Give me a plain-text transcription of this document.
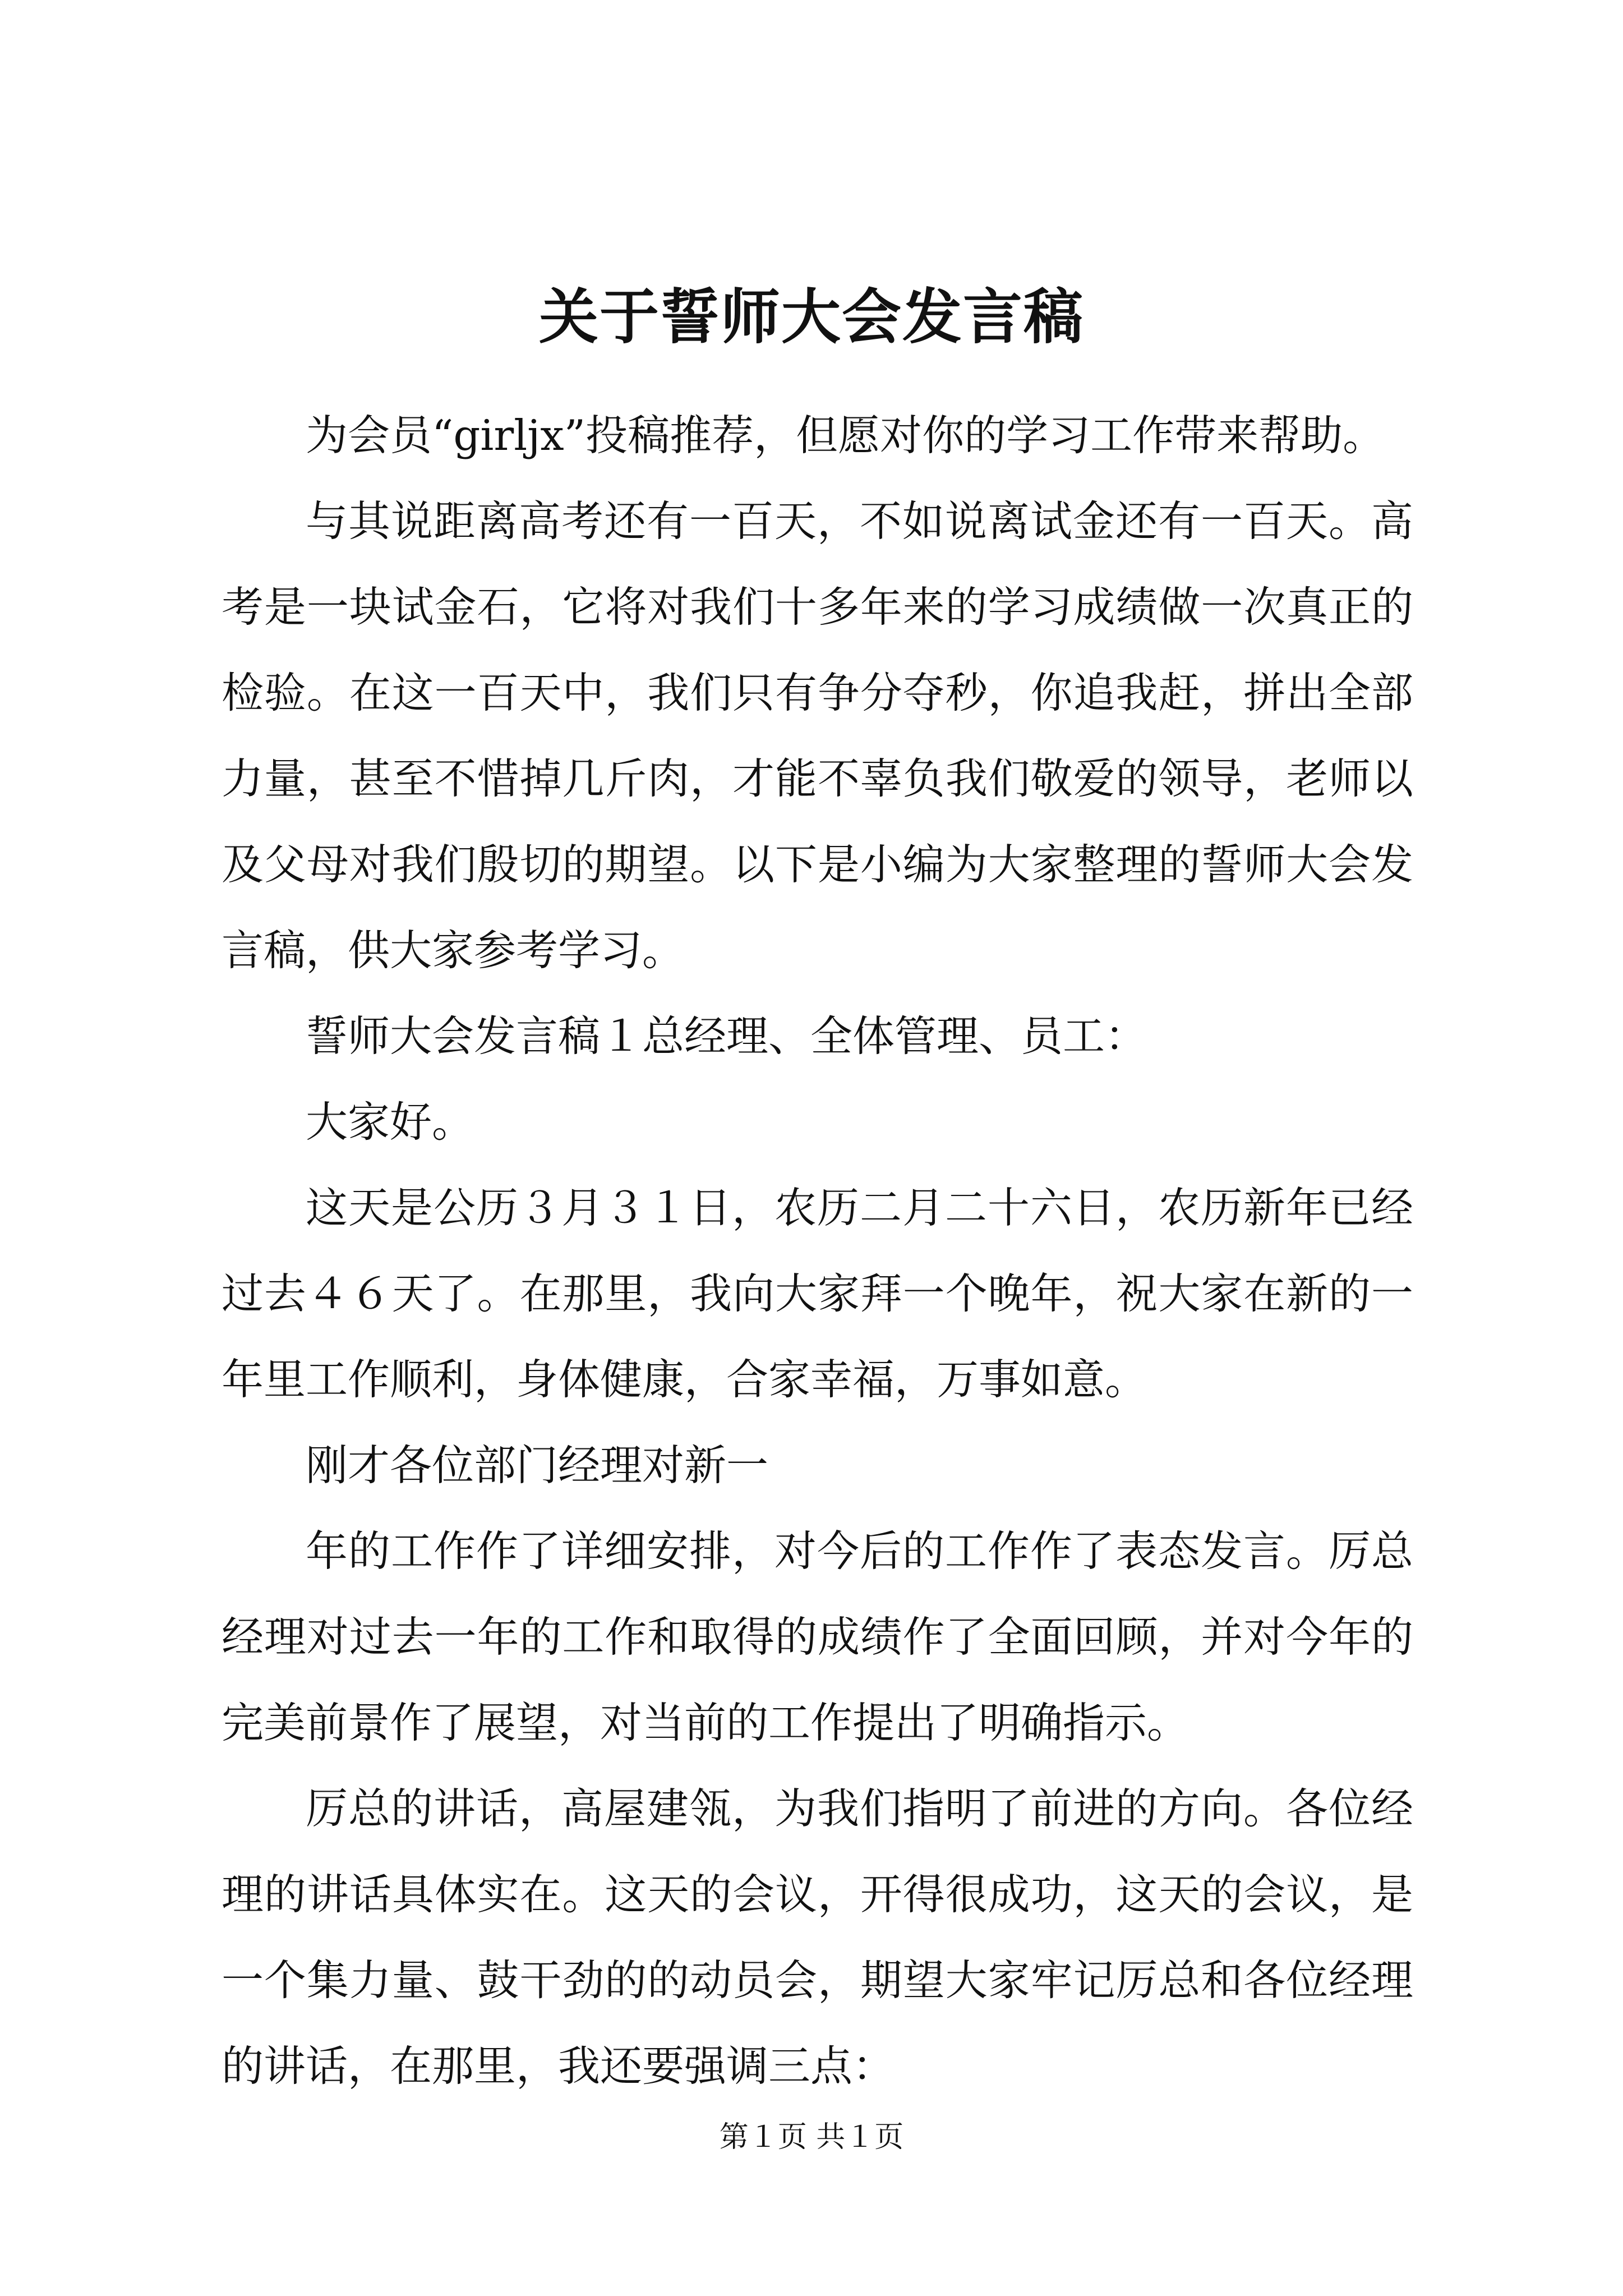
关于誓师大会发言稿

为会员“girljx”投稿推荐，但愿对你的学习工作带来帮助。

与其说距离高考还有一百天，不如说离试金还有一百天。高考是一块试金石，它将对我们十多年来的学习成绩做一次真正的检验。在这一百天中，我们只有争分夺秒，你追我赶，拼出全部力量，甚至不惜掉几斤肉，才能不辜负我们敬爱的领导，老师以及父母对我们殷切的期望。以下是小编为大家整理的誓师大会发言稿，供大家参考学习。

誓师大会发言稿１总经理、全体管理、员工：

大家好。

这天是公历３月３１日，农历二月二十六日，农历新年已经过去４６天了。在那里，我向大家拜一个晚年，祝大家在新的一年里工作顺利，身体健康，合家幸福，万事如意。

刚才各位部门经理对新一

年的工作作了详细安排，对今后的工作作了表态发言。厉总经理对过去一年的工作和取得的成绩作了全面回顾，并对今年的完美前景作了展望，对当前的工作提出了明确指示。

厉总的讲话，高屋建瓴，为我们指明了前进的方向。各位经理的讲话具体实在。这天的会议，开得很成功，这天的会议，是一个集力量、鼓干劲的的动员会，期望大家牢记厉总和各位经理的讲话，在那里，我还要强调三点：

第１页 共１页
